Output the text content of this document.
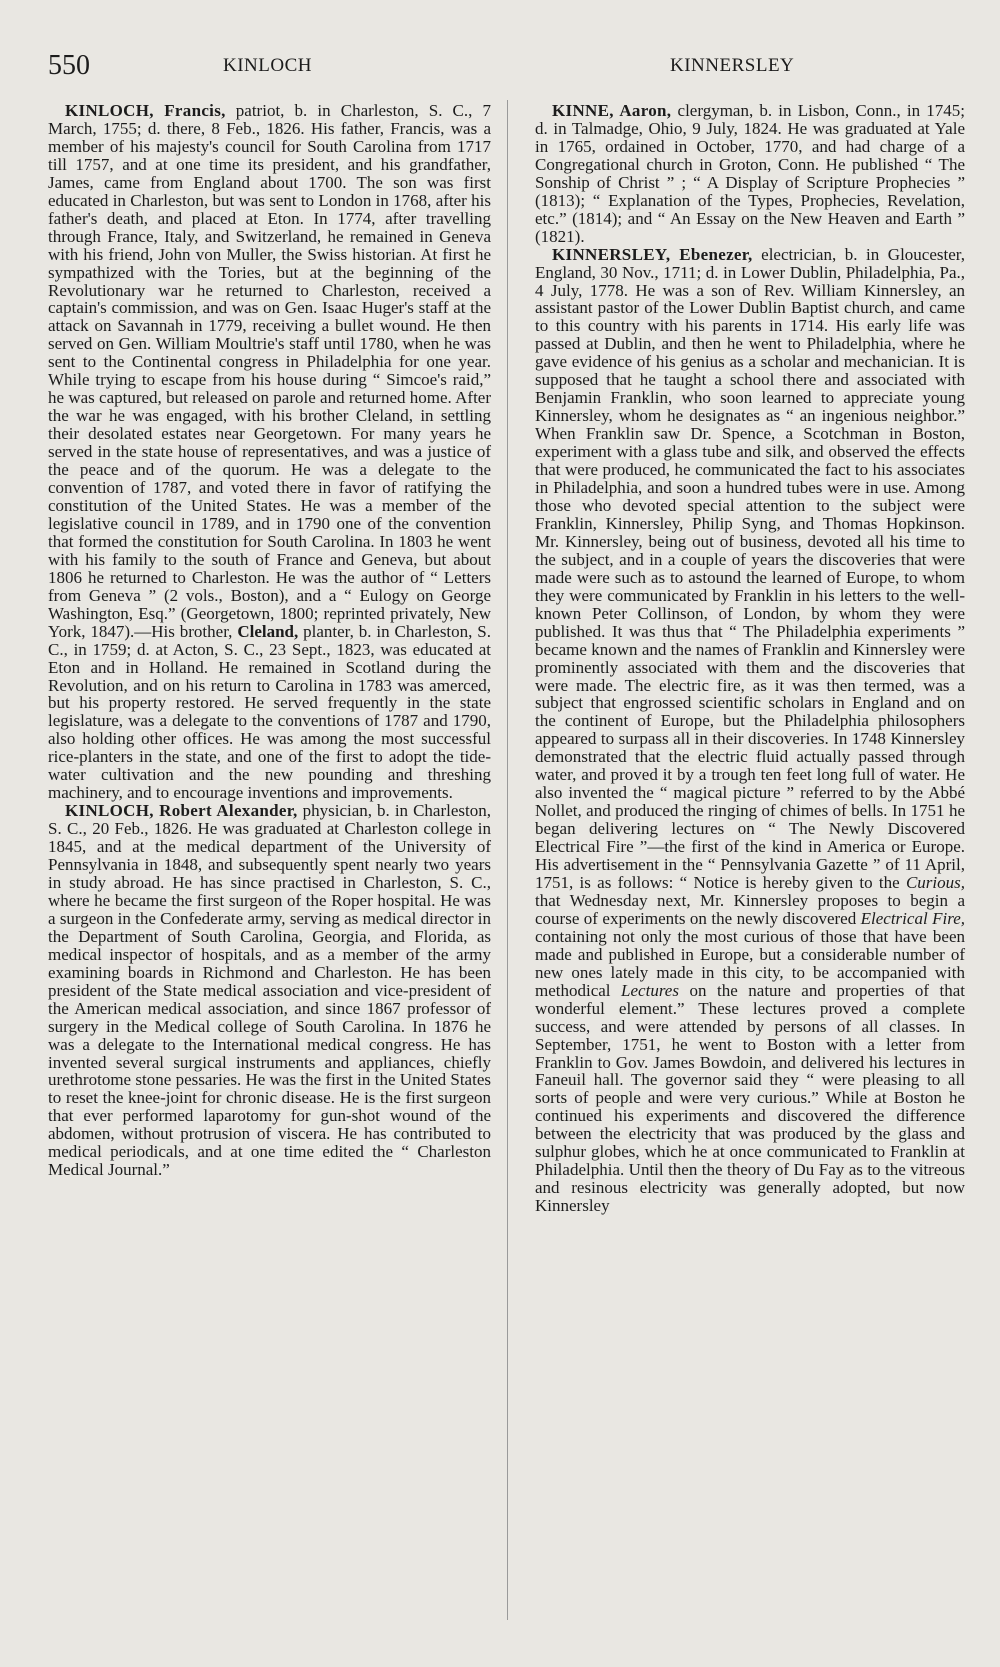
550	KINLOCH	KINNERSLEY

KINLOCH, Francis, patriot, b. in Charleston, S. C., 7 March, 1755; d. there, 8 Feb., 1826. His father, Francis, was a member of his majesty's council for South Carolina from 1717 till 1757, and at one time its president, and his grandfather, James, came from England about 1700. The son was first educated in Charleston, but was sent to London in 1768, after his father's death, and placed at Eton. In 1774, after travelling through France, Italy, and Switzerland, he remained in Geneva with his friend, John von Muller, the Swiss historian. At first he sympathized with the Tories, but at the beginning of the Revolutionary war he returned to Charleston, received a captain's commission, and was on Gen. Isaac Huger's staff at the attack on Savannah in 1779, receiving a bullet wound. He then served on Gen. William Moultrie's staff until 1780, when he was sent to the Continental congress in Philadelphia for one year. While trying to escape from his house during “ Simcoe's raid,” he was captured, but released on parole and returned home. After the war he was engaged, with his brother Cleland, in settling their desolated estates near Georgetown. For many years he served in the state house of representatives, and was a justice of the peace and of the quorum. He was a delegate to the convention of 1787, and voted there in favor of ratifying the constitution of the United States. He was a member of the legislative council in 1789, and in 1790 one of the convention that formed the constitution for South Carolina. In 1803 he went with his family to the south of France and Geneva, but about 1806 he returned to Charleston. He was the author of “ Letters from Geneva ” (2 vols., Boston), and a “ Eulogy on George Washington, Esq.” (Georgetown, 1800; reprinted privately, New York, 1847).—His brother, Cleland, planter, b. in Charleston, S. C., in 1759; d. at Acton, S. C., 23 Sept., 1823, was educated at Eton and in Holland. He remained in Scotland during the Revolution, and on his return to Carolina in 1783 was amerced, but his property restored. He served frequently in the state legislature, was a delegate to the conventions of 1787 and 1790, also holding other offices. He was among the most successful rice-planters in the state, and one of the first to adopt the tide-water cultivation and the new pounding and threshing machinery, and to encourage inventions and improvements.

KINLOCH, Robert Alexander, physician, b. in Charleston, S. C., 20 Feb., 1826. He was graduated at Charleston college in 1845, and at the medical department of the University of Pennsylvania in 1848, and subsequently spent nearly two years in study abroad. He has since practised in Charleston, S. C., where he became the first surgeon of the Roper hospital. He was a surgeon in the Confederate army, serving as medical director in the Department of South Carolina, Georgia, and Florida, as medical inspector of hospitals, and as a member of the army examining boards in Richmond and Charleston. He has been president of the State medical association and vice-president of the American medical association, and since 1867 professor of surgery in the Medical college of South Carolina. In 1876 he was a delegate to the International medical congress. He has invented several surgical instruments and appliances, chiefly urethrotome stone pessaries. He was the first in the United States to reset the knee-joint for chronic disease. He is the first surgeon that ever performed laparotomy for gun-shot wound of the abdomen, without protrusion of viscera. He has contributed to medical periodicals, and at one time edited the “ Charleston Medical Journal.”

KINNE, Aaron, clergyman, b. in Lisbon, Conn., in 1745; d. in Talmadge, Ohio, 9 July, 1824. He was graduated at Yale in 1765, ordained in October, 1770, and had charge of a Congregational church in Groton, Conn. He published “ The Sonship of Christ ” ; “ A Display of Scripture Prophecies ” (1813); “ Explanation of the Types, Prophecies, Revelation, etc.” (1814); and “ An Essay on the New Heaven and Earth ” (1821).

KINNERSLEY, Ebenezer, electrician, b. in Gloucester, England, 30 Nov., 1711; d. in Lower Dublin, Philadelphia, Pa., 4 July, 1778. He was a son of Rev. William Kinnersley, an assistant pastor of the Lower Dublin Baptist church, and came to this country with his parents in 1714. His early life was passed at Dublin, and then he went to Philadelphia, where he gave evidence of his genius as a scholar and mechanician. It is supposed that he taught a school there and associated with Benjamin Franklin, who soon learned to appreciate young Kinnersley, whom he designates as “ an ingenious neighbor.” When Franklin saw Dr. Spence, a Scotchman in Boston, experiment with a glass tube and silk, and observed the effects that were produced, he communicated the fact to his associates in Philadelphia, and soon a hundred tubes were in use. Among those who devoted special attention to the subject were Franklin, Kinnersley, Philip Syng, and Thomas Hopkinson. Mr. Kinnersley, being out of business, devoted all his time to the subject, and in a couple of years the discoveries that were made were such as to astound the learned of Europe, to whom they were communicated by Franklin in his letters to the well-known Peter Collinson, of London, by whom they were published. It was thus that “ The Philadelphia experiments ” became known and the names of Franklin and Kinnersley were prominently associated with them and the discoveries that were made. The electric fire, as it was then termed, was a subject that engrossed scientific scholars in England and on the continent of Europe, but the Philadelphia philosophers appeared to surpass all in their discoveries. In 1748 Kinnersley demonstrated that the electric fluid actually passed through water, and proved it by a trough ten feet long full of water. He also invented the “ magical picture ” referred to by the Abbé Nollet, and produced the ringing of chimes of bells. In 1751 he began delivering lectures on “ The Newly Discovered Electrical Fire ”—the first of the kind in America or Europe. His advertisement in the “ Pennsylvania Gazette ” of 11 April, 1751, is as follows: “ Notice is hereby given to the Curious, that Wednesday next, Mr. Kinnersley proposes to begin a course of experiments on the newly discovered Electrical Fire, containing not only the most curious of those that have been made and published in Europe, but a considerable number of new ones lately made in this city, to be accompanied with methodical Lectures on the nature and properties of that wonderful element.” These lectures proved a complete success, and were attended by persons of all classes. In September, 1751, he went to Boston with a letter from Franklin to Gov. James Bowdoin, and delivered his lectures in Faneuil hall. The governor said they “ were pleasing to all sorts of people and were very curious.” While at Boston he continued his experiments and discovered the difference between the electricity that was produced by the glass and sulphur globes, which he at once communicated to Franklin at Philadelphia. Until then the theory of Du Fay as to the vitreous and resinous electricity was generally adopted, but now Kinnersley
